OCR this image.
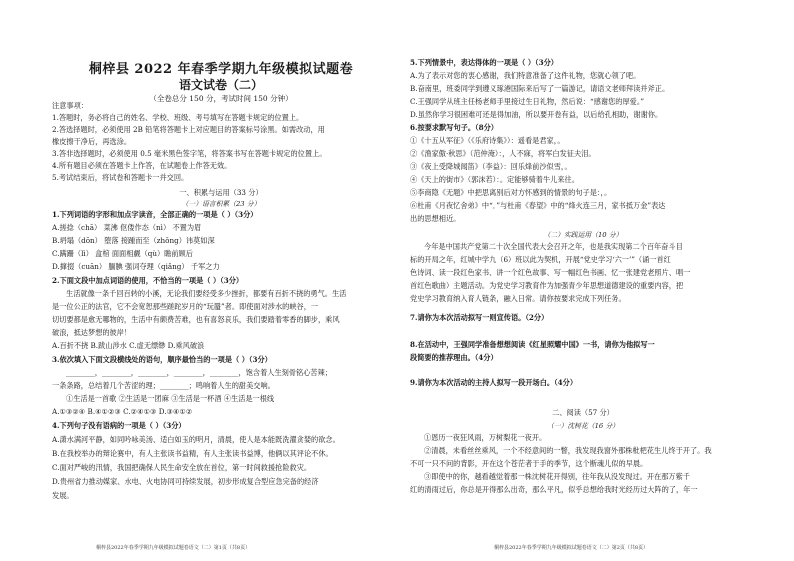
桐梓县 2022 年春季学期九年级模拟试题卷
语文试卷（二）
（全卷总分 150 分，考试时间 150 分钟）
注意事项：
1.答题时，务必将自己的姓名、学校、班级、考号填写在答题卡规定的位置上。
2.答选择题时，必须使用 2B 铅笔将答题卡上对应题目的答案标号涂黑。如需改动，用
橡皮擦干净后，再选涂。
3.答非选择题时，必须使用 0.5 毫米黑色签字笔，将答案书写在答题卡规定的位置上。
4.所有题目必须在答题卡上作答，在试题卷上作答无效。
5.考试结束后，将试卷和答题卡一并交回。
一、积累与运用（33 分）
（一）语言积累（23 分）
1.下列词语的字形和加点字读音，全部正确的一项是（ ）（3分）
A.搓捻（chā） 菜沸 伛偻作态（nì） 不置为眉
B.坍塌（dōn） 堕落 接踵而至（zhǒng）讳莫如深
C.蹒跚（lì） 盒棺 面面相觑（qù）瞻前顾后
D.撺掇（cuān） 腼腆 强词夺理（qiǎng） 千军之力
2.下面文段中加点词语的使用，不恰当的一项是（ ）（3分）
生活就像一条千回百转的小溪，无论我们要经受多少挫折，都要有百折不挠的勇气。生活
是一位公正的法官，它不会宽恕那些蹉跎岁月的“玩蜃”者。即使面对涉水的峡谷，一
切切要都是愈无哪物的，生活中有颇费苦难，也有喜怒哀乐，我们要踏着零香的脚步，乘风
破浪，抵达梦想的彼岸！
A.百折不挠 B.跋山涉水 C.虚无缥缈 D.乘风破浪
3.依次填入下面文段横线处的语句，顺序最恰当的一项是（ ）（3分）
________，________，________，________，________，饱含着人生刻骨铭心苦辣；
一条条路，总结着几个苦涩的理；________；鸣响着人生的甜美交响。
①生活是一首歌 ②生活是一团麻 ③生活是一杯酒 ④生活是一根线
A.①③②④ B.④①②③ C.②④①③ D.③④①②
4.下列句子没有语病的一项是（ ）（3分）
A.潇水满河平静，如同吟咏美汤、适白如玉的明月，清晨，使人是本能既洗濯贪婪的欲念。
B.在我校举办的辩论赛中，有人主张读书益精，有人主张读书益博，他俩以其评论不休。
C.面对严峻的汛情，我国把确保人民生命安全放在首位，第一时间救援抢险救灾。
D.贵州省力推动媒家、水电、火电协同可持续发展，初步形成复合型应急完备的经济
发展。
桐梓县2022年春季学期九年级模拟试题卷语文（二）第1页（共8页）
5.下列情景中，表达得体的一项是（ ）（3分）
A.为了表示对您的衷心感谢，我们特意准备了这件礼物，您就心领了吧。
B.奋南里，班委同学到遵义琢港国际来后写了一篇游记，请语文老师拜读并斧正。
C.王强同学从班主任杨老师手里接过生日礼物，然后说：“感谢您的厚爱。”
D.虽然你学习很困难可还是得加油，所以要开卷有益，以后给孔相助，谢谢你。
6.按要求默写句子。（8分）
①《十五从军征》（《乐府诗集》）：遥看是君家，。
②《渔家傲·秋思》（范仲淹）：，人不寐，将军白发征夫泪。
③《夜上受降城闻笛》（李益）：回乐烽前沙似雪，。
④《天上的街市》（郭沫若）：。定能够骑着牛儿来往。
⑤李商隐《无题》中把思离别后对方怀感到的情景的句子是：，。
⑥杜甫《月夜忆舍弟》中“．”与杜甫《春望》中的“烽火连三月，家书抵万金”表达
出的思想相近。
（二）实践运用（10 分）
今年是中国共产党第二十次全国代表大会召开之年，也是我实现第二个百年奋斗目
标的开局之年，红城中学九（6）班以此为契机，开展“党史学习‘六一’”（诵一首红
色诗词、读一段红色家书、讲一个红色故事、写一幅红色书画、忆一张建党老照片、唱一
首红色歌曲）主题活动。为党史学习教育作为加强青少年思想道德建设的重要内容，把
党史学习教育纳入育人链条，融入日常。请你按要求完成下列任务。
7.请你为本次活动拟写一则宣传语。（2分）
8.在活动中，王强同学准备想想阅读《红星照耀中国》一书，请你为他拟写一
段简要的推荐理由。（4分）
9.请你为本次活动的主持人拟写一段开场白。（4分）
二、阅读（57 分）
（一）沈树花（16 分）
①恩历一夜狂风雨，万树梨花一夜开。
②清晨，未看丝丝乘风，一个不经意间的一瞥，我发现我窗外那株枇杷花生儿终于开了。我
不可一只不问的背影，开在这个苍茫者于手的季节，这个断魂儿似的早晨。
③即使中的你，越看越觉着那一株沈树花开得别，往年我从没发现过。开在那万紫千
红的清雨过后，你总是开得那么出奇，那么平凡，似乎总想给我时光经历过大阵的了，年一
桐梓县2022年春季学期九年级模拟试题卷语文（二）第2页（共8页）
